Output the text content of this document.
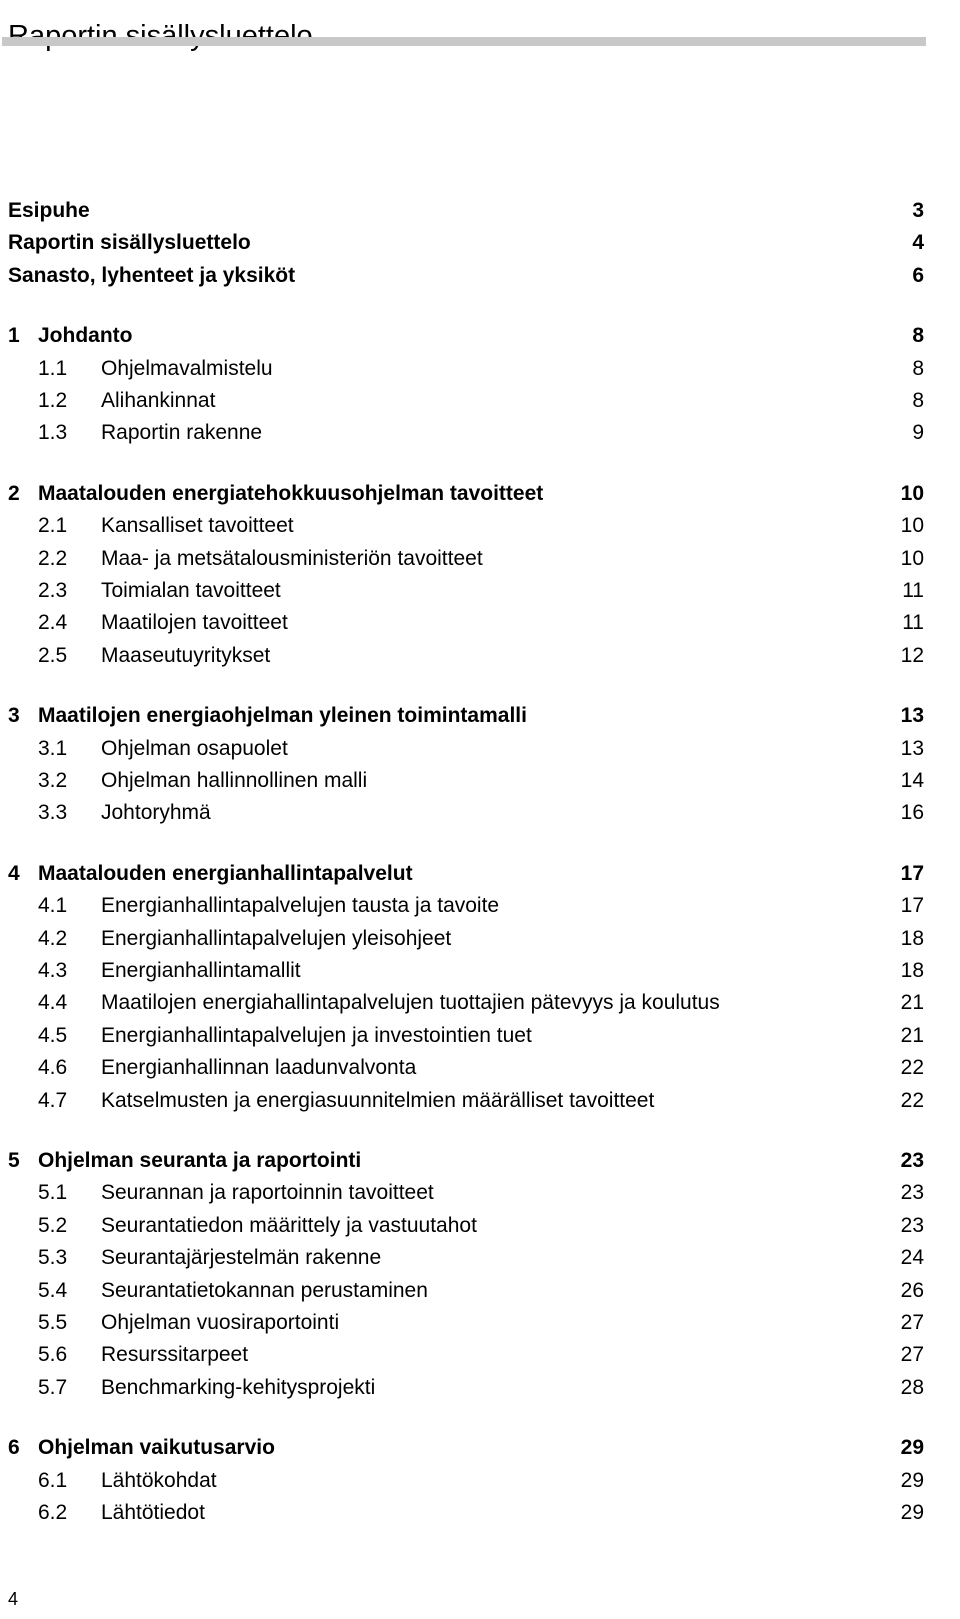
Esipuhe	3
Raportin sisällysluettelo	4
Sanasto, lyhenteet ja yksiköt	6
1 Johdanto	8
1.1 Ohjelmavalmistelu	8
1.2 Alihankinnat	8
1.3 Raportin rakenne	9
2 Maatalouden energiatehokkuusohjelman tavoitteet	10
2.1 Kansalliset tavoitteet	10
2.2 Maa- ja metsätalousministeriön tavoitteet	10
2.3 Toimialan tavoitteet	11
2.4 Maatilojen tavoitteet	11
2.5 Maaseutuyritykset	12
3 Maatilojen energiaohjelman yleinen toimintamalli	13
3.1 Ohjelman osapuolet	13
3.2 Ohjelman hallinnollinen malli	14
3.3 Johtoryhmä	16
4 Maatalouden energianhallintapalvelut	17
4.1 Energianhallintapalvelujen tausta ja tavoite	17
4.2 Energianhallintapalvelujen yleisohjeet	18
4.3 Energianhallintamallit	18
4.4 Maatilojen energiahallintapalvelujen tuottajien pätevyys ja koulutus	21
4.5 Energianhallintapalvelujen ja investointien tuet	21
4.6 Energianhallinnan laadunvalvonta	22
4.7 Katselmusten ja energiasuunnitelmien määrälliset tavoitteet	22
5 Ohjelman seuranta ja raportointi	23
5.1 Seurannan ja raportoinnin tavoitteet	23
5.2 Seurantatiedon määrittely ja vastuutahot	23
5.3 Seurantajärjestelmän rakenne	24
5.4 Seurantatietokannan perustaminen	26
5.5 Ohjelman vuosiraportointi	27
5.6 Resurssitarpeet	27
5.7 Benchmarking-kehitysprojekti	28
6 Ohjelman vaikutusarvio	29
6.1 Lähtökohdat	29
6.2 Lähtötiedot	29
4
